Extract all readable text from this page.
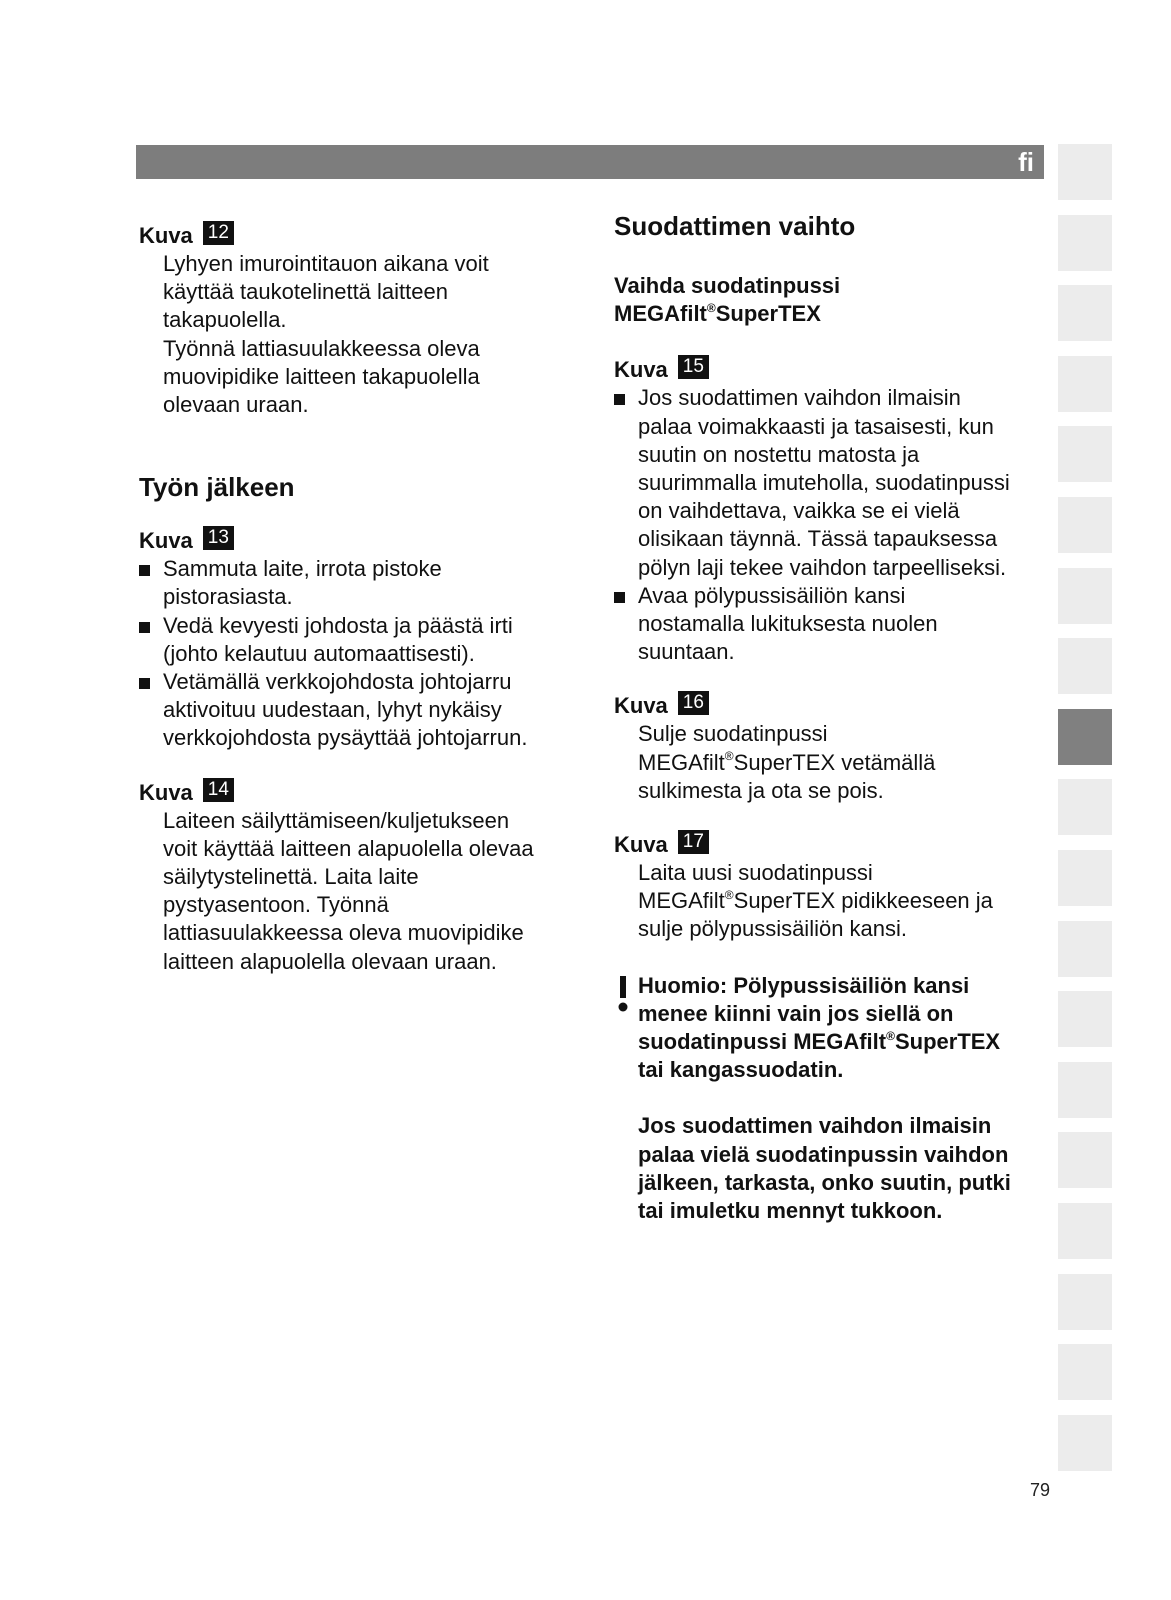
fi
Kuva 12
Lyhyen imurointitauon aikana voit
käyttää taukotelinettä laitteen
takapuolella.
Työnnä lattiasuulakkeessa oleva
muovipidike laitteen takapuolella
olevaan uraan.
Työn jälkeen
Kuva 13
Sammuta laite, irrota pistoke
pistorasiasta.
Vedä kevyesti johdosta ja päästä irti
(johto kelautuu automaattisesti).
Vetämällä verkkojohdosta johtojarru
aktivoituu uudestaan, lyhyt nykäisy
verkkojohdosta pysäyttää johtojarrun.
Kuva 14
Laiteen säilyttämiseen/kuljetukseen
voit käyttää laitteen alapuolella olevaa
säilytystelinettä. Laita laite
pystyasentoon. Työnnä
lattiasuulakkeessa oleva muovipidike
laitteen alapuolella olevaan uraan.
Suodattimen vaihto
Vaihda suodatinpussi
MEGAfilt®SuperTEX
Kuva 15
Jos suodattimen vaihdon ilmaisin
palaa voimakkaasti ja tasaisesti, kun
suutin on nostettu matosta ja
suurimmalla imuteholla, suodatinpussi
on vaihdettava, vaikka se ei vielä
olisikaan täynnä. Tässä tapauksessa
pölyn laji tekee vaihdon tarpeelliseksi.
Avaa pölypussisäiliön kansi
nostamalla lukituksesta nuolen
suuntaan.
Kuva 16
Sulje suodatinpussi
MEGAfilt®SuperTEX vetämällä
sulkimesta ja ota se pois.
Kuva 17
Laita uusi suodatinpussi
MEGAfilt®SuperTEX pidikkeeseen ja
sulje pölypussisäiliön kansi.
Huomio: Pölypussisäiliön kansi
menee kiinni vain jos siellä on
suodatinpussi MEGAfilt®SuperTEX
tai kangassuodatin.
Jos suodattimen vaihdon ilmaisin
palaa vielä suodatinpussin vaihdon
jälkeen, tarkasta, onko suutin, putki
tai imuletku mennyt tukkoon.
79
